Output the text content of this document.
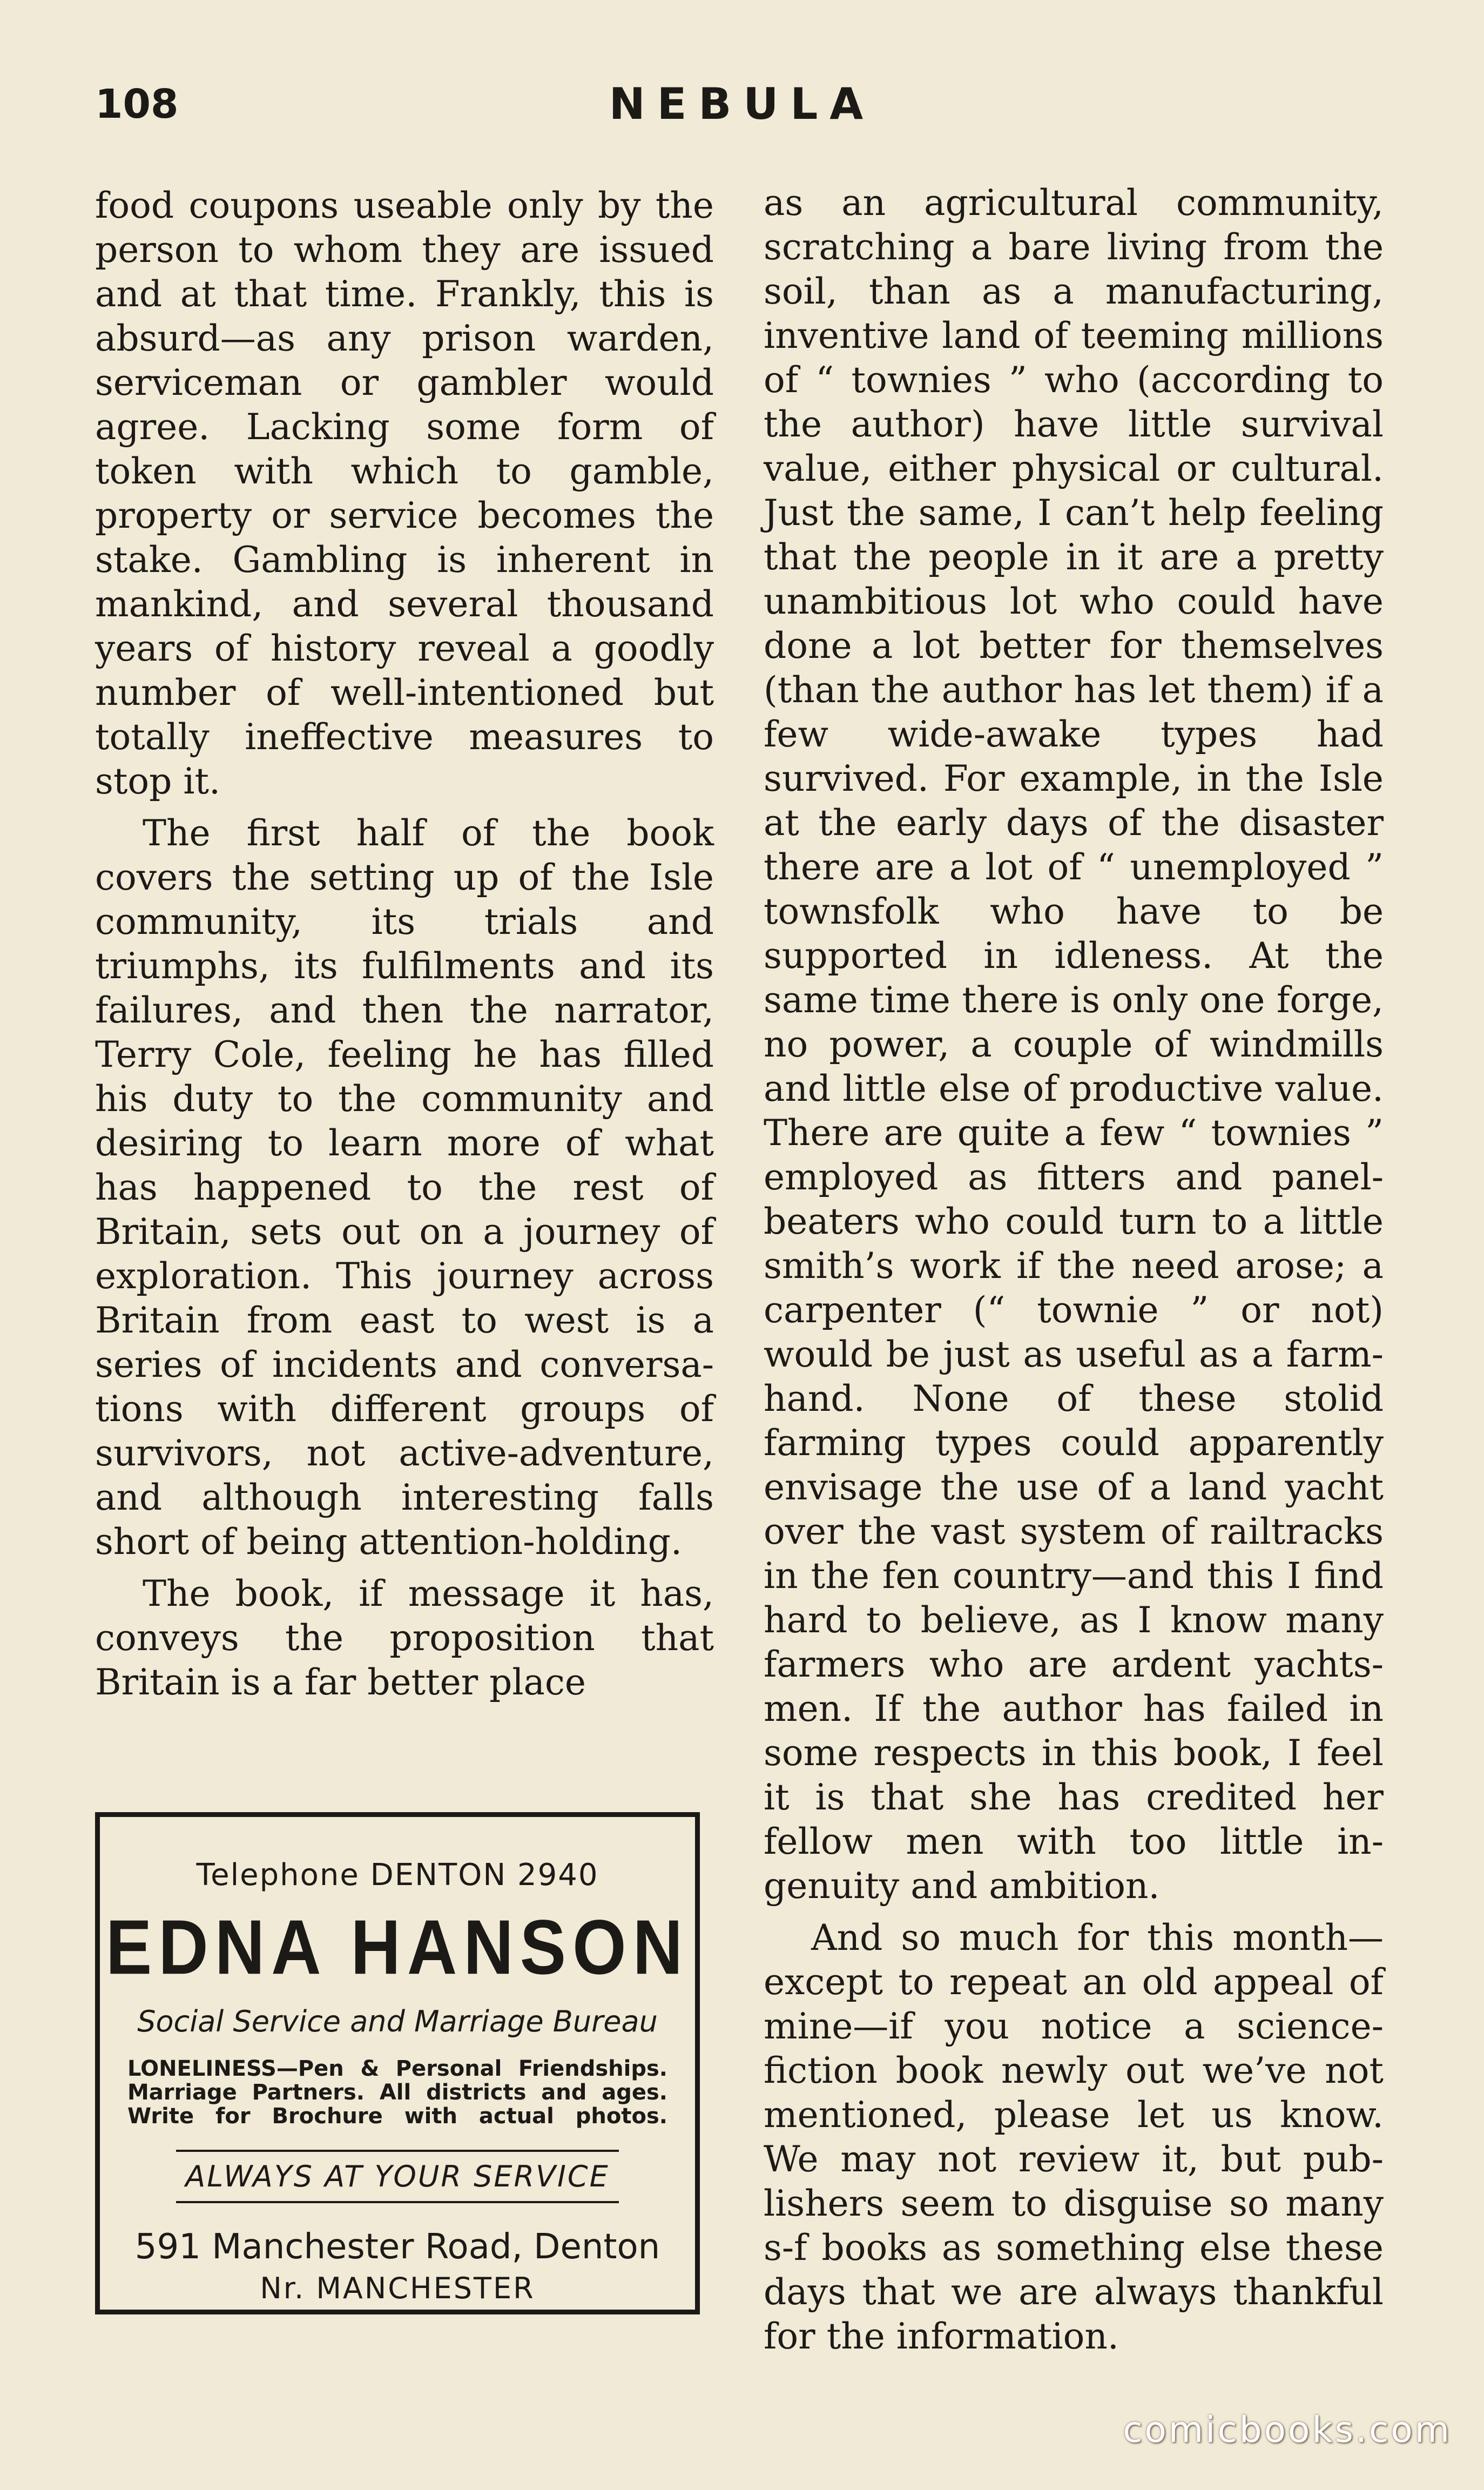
108	NEBULA

food coupons useable only by the person to whom they are issued and at that time. Frankly, this is absurd—as any prison warden, serviceman or gambler would agree. Lacking some form of token with which to gamble, property or service becomes the stake. Gambling is inherent in mankind, and several thousand years of history reveal a goodly number of well-intentioned but totally ineffective measures to stop it.

The first half of the book covers the setting up of the Isle community, its trials and triumphs, its fulfilments and its failures, and then the narrator, Terry Cole, feeling he has filled his duty to the community and desiring to learn more of what has happened to the rest of Britain, sets out on a journey of exploration. This journey across Britain from east to west is a series of incidents and conversations with different groups of survivors, not active-adventure, and although interesting falls short of being attention-holding.

The book, if message it has, conveys the proposition that Britain is a far better place

as an agricultural community, scratching a bare living from the soil, than as a manufacturing, inventive land of teeming millions of “ townies ” who (according to the author) have little survival value, either physical or cultural. Just the same, I can’t help feeling that the people in it are a pretty unambitious lot who could have done a lot better for themselves (than the author has let them) if a few wide-awake types had survived. For example, in the Isle at the early days of the disaster there are a lot of “ unemployed ” townsfolk who have to be supported in idleness. At the same time there is only one forge, no power, a couple of windmills and little else of productive value. There are quite a few “ townies ” employed as fitters and panel-beaters who could turn to a little smith’s work if the need arose; a carpenter (“ townie ” or not) would be just as useful as a farm-hand. None of these stolid farming types could apparently envisage the use of a land yacht over the vast system of railtracks in the fen country—and this I find hard to believe, as I know many farmers who are ardent yachtsmen. If the author has failed in some respects in this book, I feel it is that she has credited her fellow men with too little ingenuity and ambition.

And so much for this month— except to repeat an old appeal of mine—if you notice a sciencefiction book newly out we’ve not mentioned, please let us know. We may not review it, but publishers seem to disguise so many s-f books as something else these days that we are always thankful for the information.

Telephone DENTON 2940
EDNA HANSON
Social Service and Marriage Bureau
LONELINESS—Pen & Personal Friendships. Marriage Partners. All districts and ages. Write for Brochure with actual photos.
ALWAYS AT YOUR SERVICE
591 Manchester Road, Denton
Nr. MANCHESTER
comicbooks.com
